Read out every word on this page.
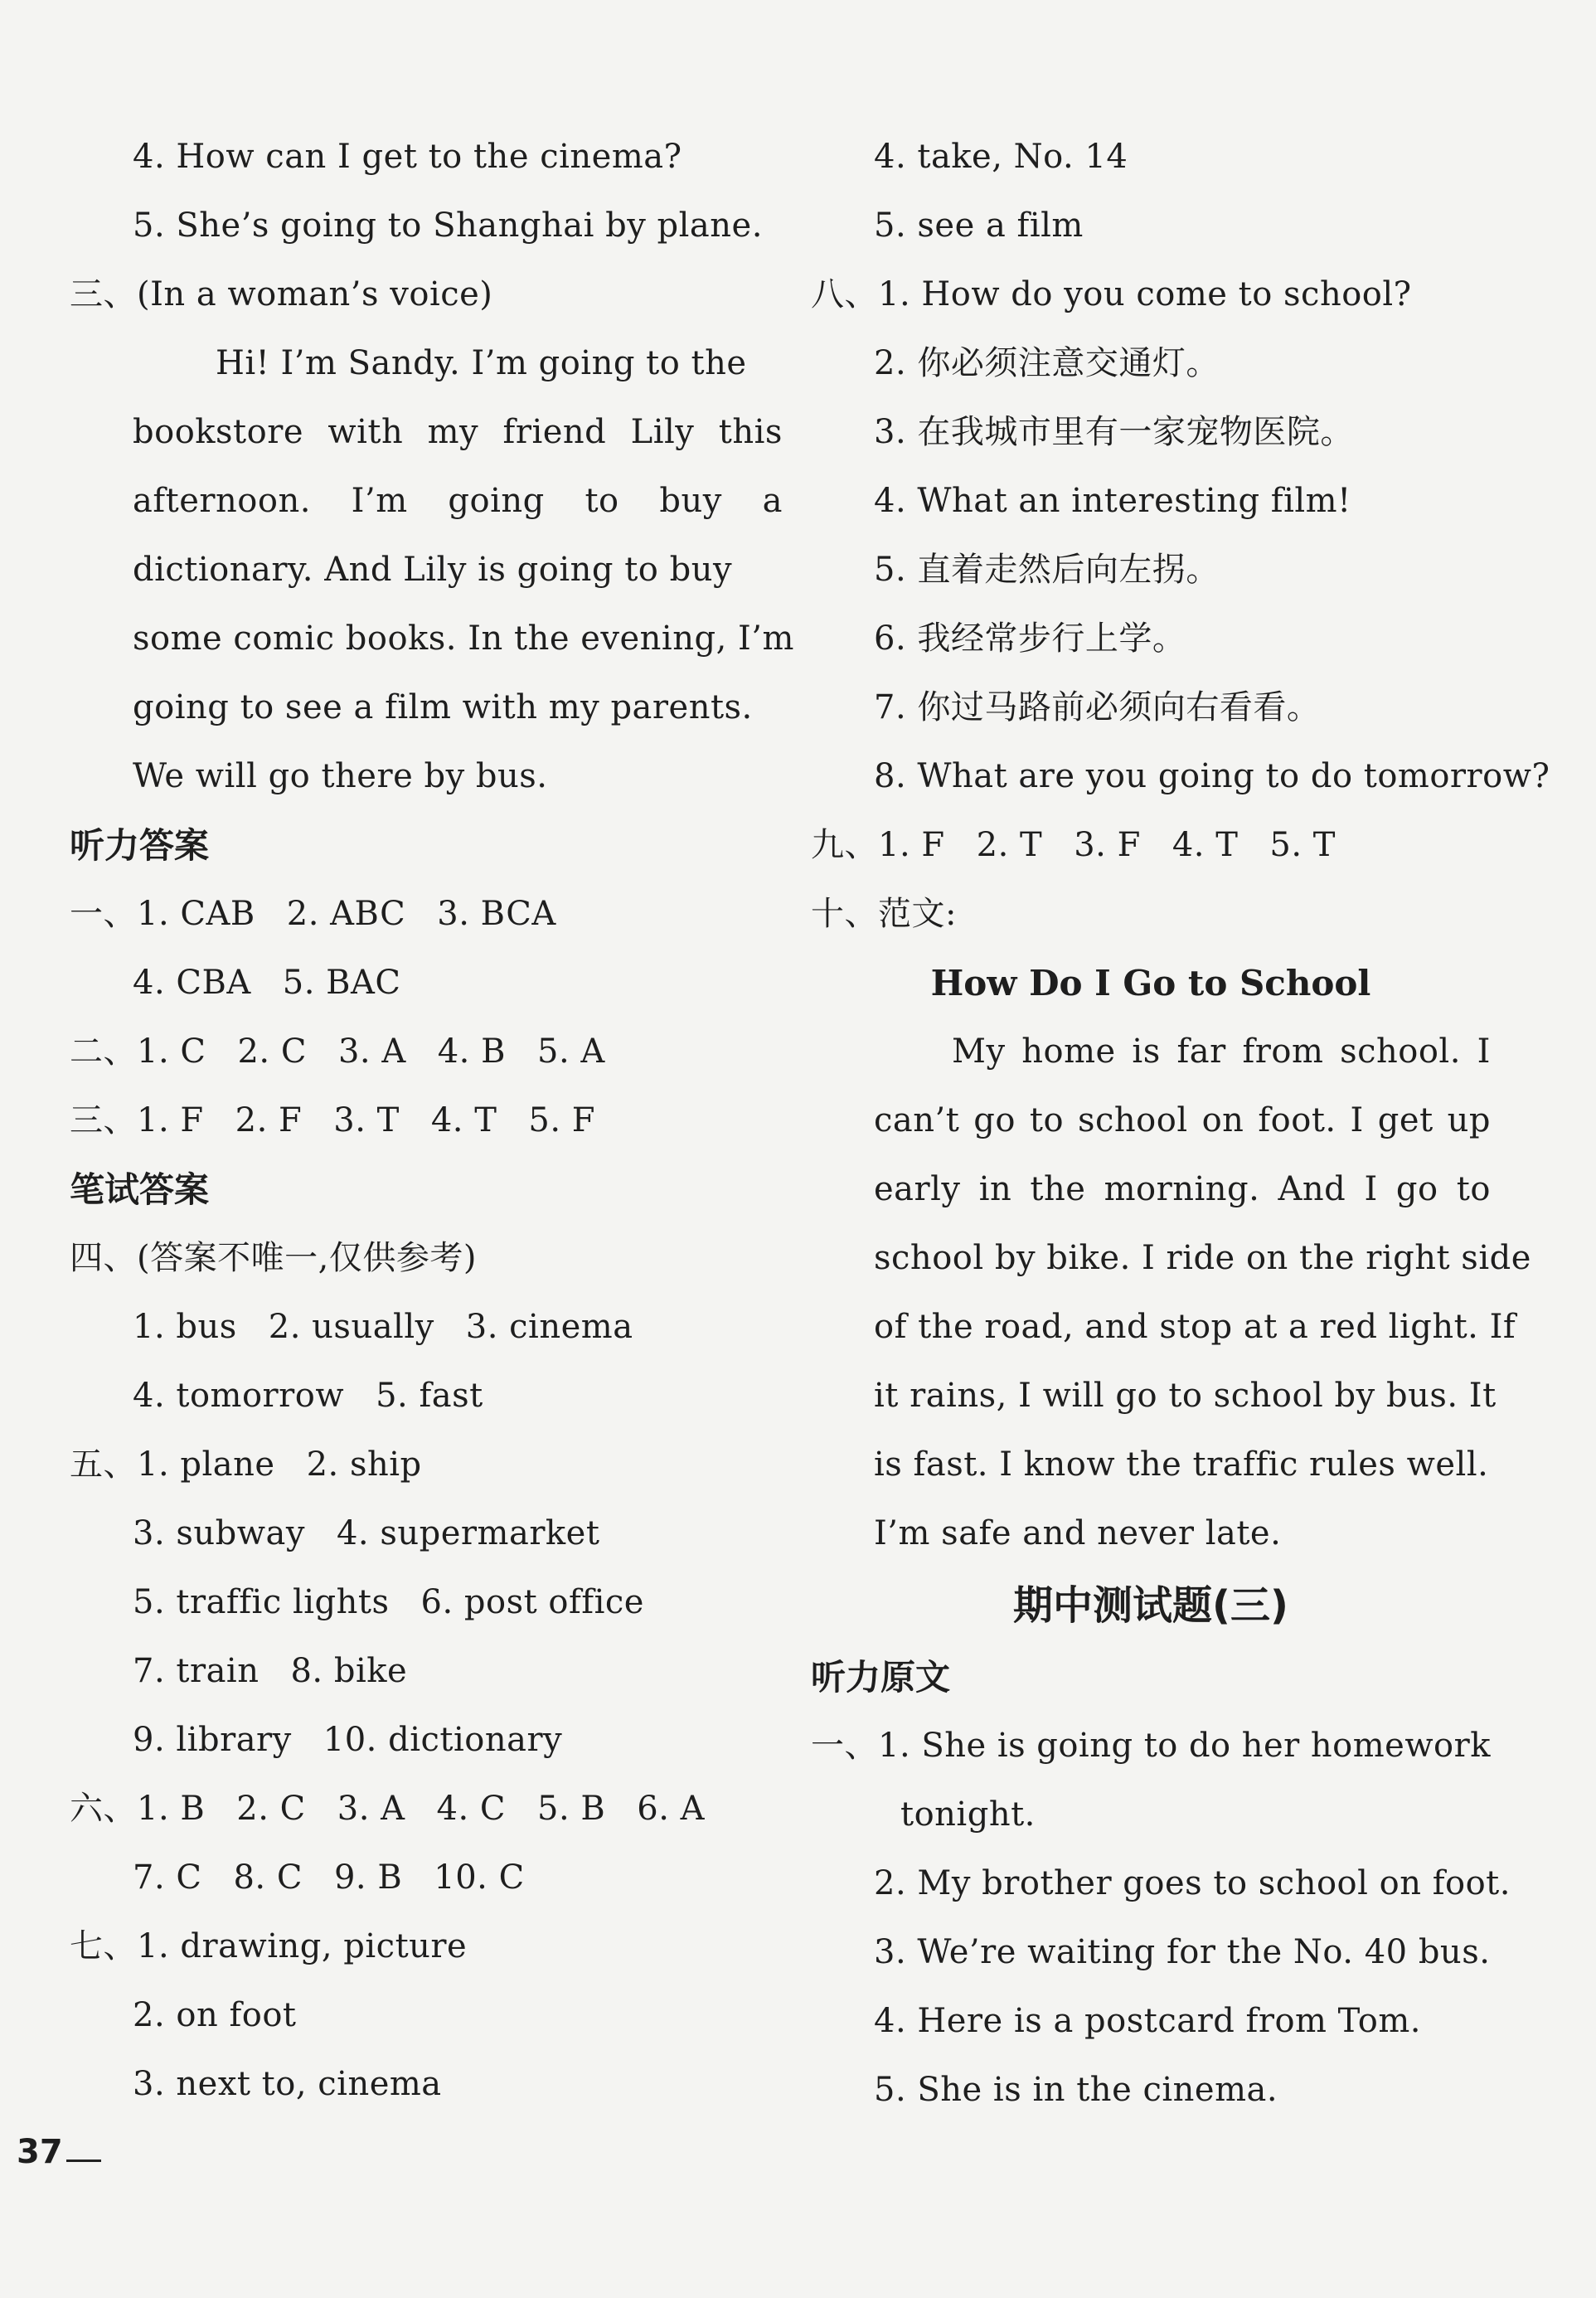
4. How can I get to the cinema?
5. She’s going to Shanghai by plane.
三、(In a woman’s voice)
Hi! I’m Sandy. I’m going to the
bookstore with my friend Lily this
afternoon. I’m going to buy a
dictionary. And Lily is going to buy
some comic books. In the evening, I’m
going to see a film with my parents.
We will go there by bus.
听力答案
一、1. CAB 2. ABC 3. BCA
4. CBA 5. BAC
二、1. C 2. C 3. A 4. B 5. A
三、1. F 2. F 3. T 4. T 5. F
笔试答案
四、(答案不唯一,仅供参考)
1. bus 2. usually 3. cinema
4. tomorrow 5. fast
五、1. plane 2. ship
3. subway 4. supermarket
5. traffic lights 6. post office
7. train 8. bike
9. library 10. dictionary
六、1. B 2. C 3. A 4. C 5. B 6. A
7. C 8. C 9. B 10. C
七、1. drawing, picture
2. on foot
3. next to, cinema
4. take, No. 14
5. see a film
八、1. How do you come to school?
2. 你必须注意交通灯。
3. 在我城市里有一家宠物医院。
4. What an interesting film!
5. 直着走然后向左拐。
6. 我经常步行上学。
7. 你过马路前必须向右看看。
8. What are you going to do tomorrow?
九、1. F 2. T 3. F 4. T 5. T
十、范文:
How Do I Go to School
My home is far from school. I
can’t go to school on foot. I get up
early in the morning. And I go to
school by bike. I ride on the right side
of the road, and stop at a red light. If
it rains, I will go to school by bus. It
is fast. I know the traffic rules well.
I’m safe and never late.
期中测试题(三)
听力原文
一、1. She is going to do her homework
tonight.
2. My brother goes to school on foot.
3. We’re waiting for the No. 40 bus.
4. Here is a postcard from Tom.
5. She is in the cinema.
37
